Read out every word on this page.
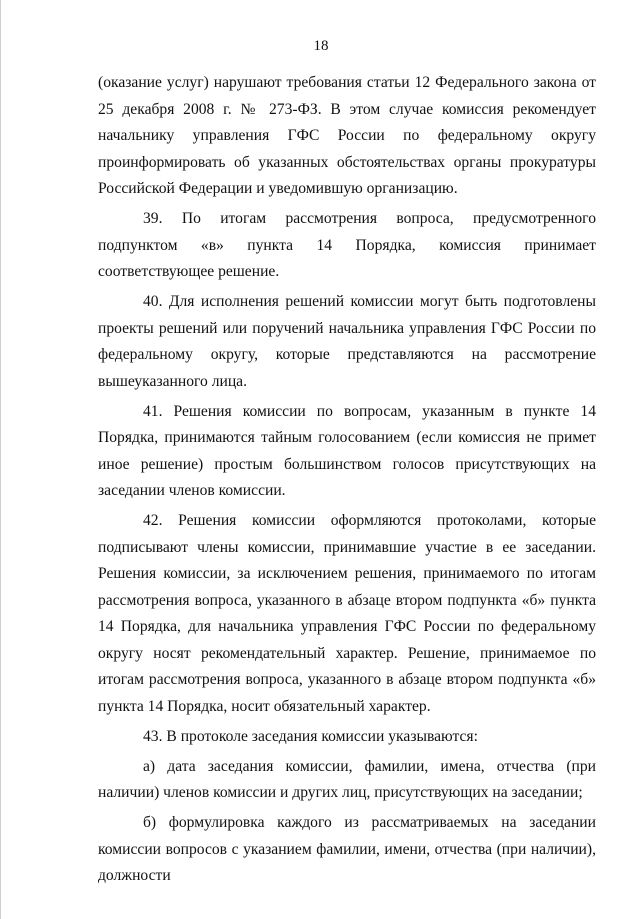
18

(оказание услуг) нарушают требования статьи 12 Федерального закона от 25 декабря 2008 г. № 273-ФЗ. В этом случае комиссия рекомендует начальнику управления ГФС России по федеральному округу проинформировать об указанных обстоятельствах органы прокуратуры Российской Федерации и уведомившую организацию.

39. По итогам рассмотрения вопроса, предусмотренного подпунктом «в» пункта 14 Порядка, комиссия принимает соответствующее решение.

40. Для исполнения решений комиссии могут быть подготовлены проекты решений или поручений начальника управления ГФС России по федеральному округу, которые представляются на рассмотрение вышеуказанного лица.

41. Решения комиссии по вопросам, указанным в пункте 14 Порядка, принимаются тайным голосованием (если комиссия не примет иное решение) простым большинством голосов присутствующих на заседании членов комиссии.

42. Решения комиссии оформляются протоколами, которые подписывают члены комиссии, принимавшие участие в ее заседании. Решения комиссии, за исключением решения, принимаемого по итогам рассмотрения вопроса, указанного в абзаце втором подпункта «б» пункта 14 Порядка, для начальника управления ГФС России по федеральному округу носят рекомендательный характер. Решение, принимаемое по итогам рассмотрения вопроса, указанного в абзаце втором подпункта «б» пункта 14 Порядка, носит обязательный характер.

43. В протоколе заседания комиссии указываются:

а) дата заседания комиссии, фамилии, имена, отчества (при наличии) членов комиссии и других лиц, присутствующих на заседании;

б) формулировка каждого из рассматриваемых на заседании комиссии вопросов с указанием фамилии, имени, отчества (при наличии), должности
